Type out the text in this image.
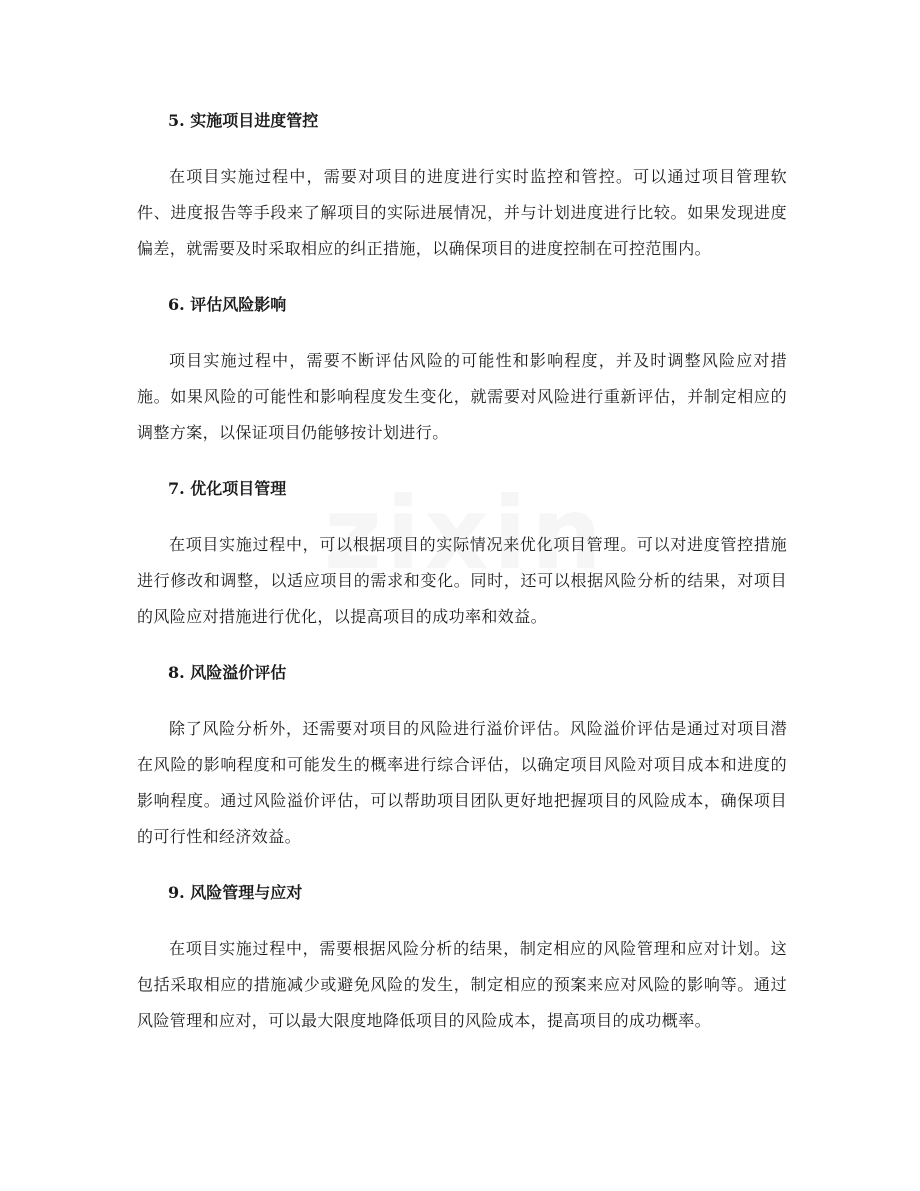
5. 实施项目进度管控

在项目实施过程中，需要对项目的进度进行实时监控和管控。可以通过项目管理软件、进度报告等手段来了解项目的实际进展情况，并与计划进度进行比较。如果发现进度偏差，就需要及时采取相应的纠正措施，以确保项目的进度控制在可控范围内。

6. 评估风险影响

项目实施过程中，需要不断评估风险的可能性和影响程度，并及时调整风险应对措施。如果风险的可能性和影响程度发生变化，就需要对风险进行重新评估，并制定相应的调整方案，以保证项目仍能够按计划进行。

7. 优化项目管理

在项目实施过程中，可以根据项目的实际情况来优化项目管理。可以对进度管控措施进行修改和调整，以适应项目的需求和变化。同时，还可以根据风险分析的结果，对项目的风险应对措施进行优化，以提高项目的成功率和效益。

8. 风险溢价评估

除了风险分析外，还需要对项目的风险进行溢价评估。风险溢价评估是通过对项目潜在风险的影响程度和可能发生的概率进行综合评估，以确定项目风险对项目成本和进度的影响程度。通过风险溢价评估，可以帮助项目团队更好地把握项目的风险成本，确保项目的可行性和经济效益。

9. 风险管理与应对

在项目实施过程中，需要根据风险分析的结果，制定相应的风险管理和应对计划。这包括采取相应的措施减少或避免风险的发生，制定相应的预案来应对风险的影响等。通过风险管理和应对，可以最大限度地降低项目的风险成本，提高项目的成功概率。
